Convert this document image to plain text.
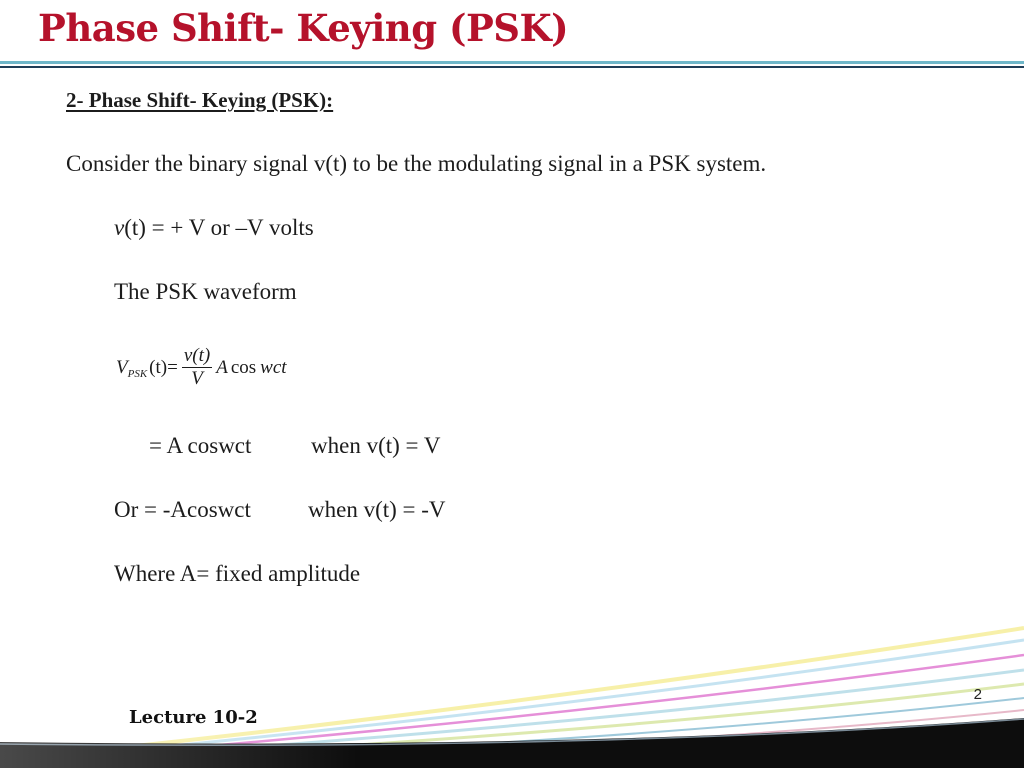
Phase Shift- Keying (PSK)
2- Phase Shift- Keying (PSK):
Consider the binary signal v(t) to be the modulating signal in a PSK system.
v(t) = + V or –V volts
The PSK waveform
V PSK $(t)= \frac{v(t)}{V}$ A cos wct
= A coswct	when v(t) = V
Or = -Acoswct when v(t) = -V
Where A= fixed amplitude
2
Lecture 10-2
